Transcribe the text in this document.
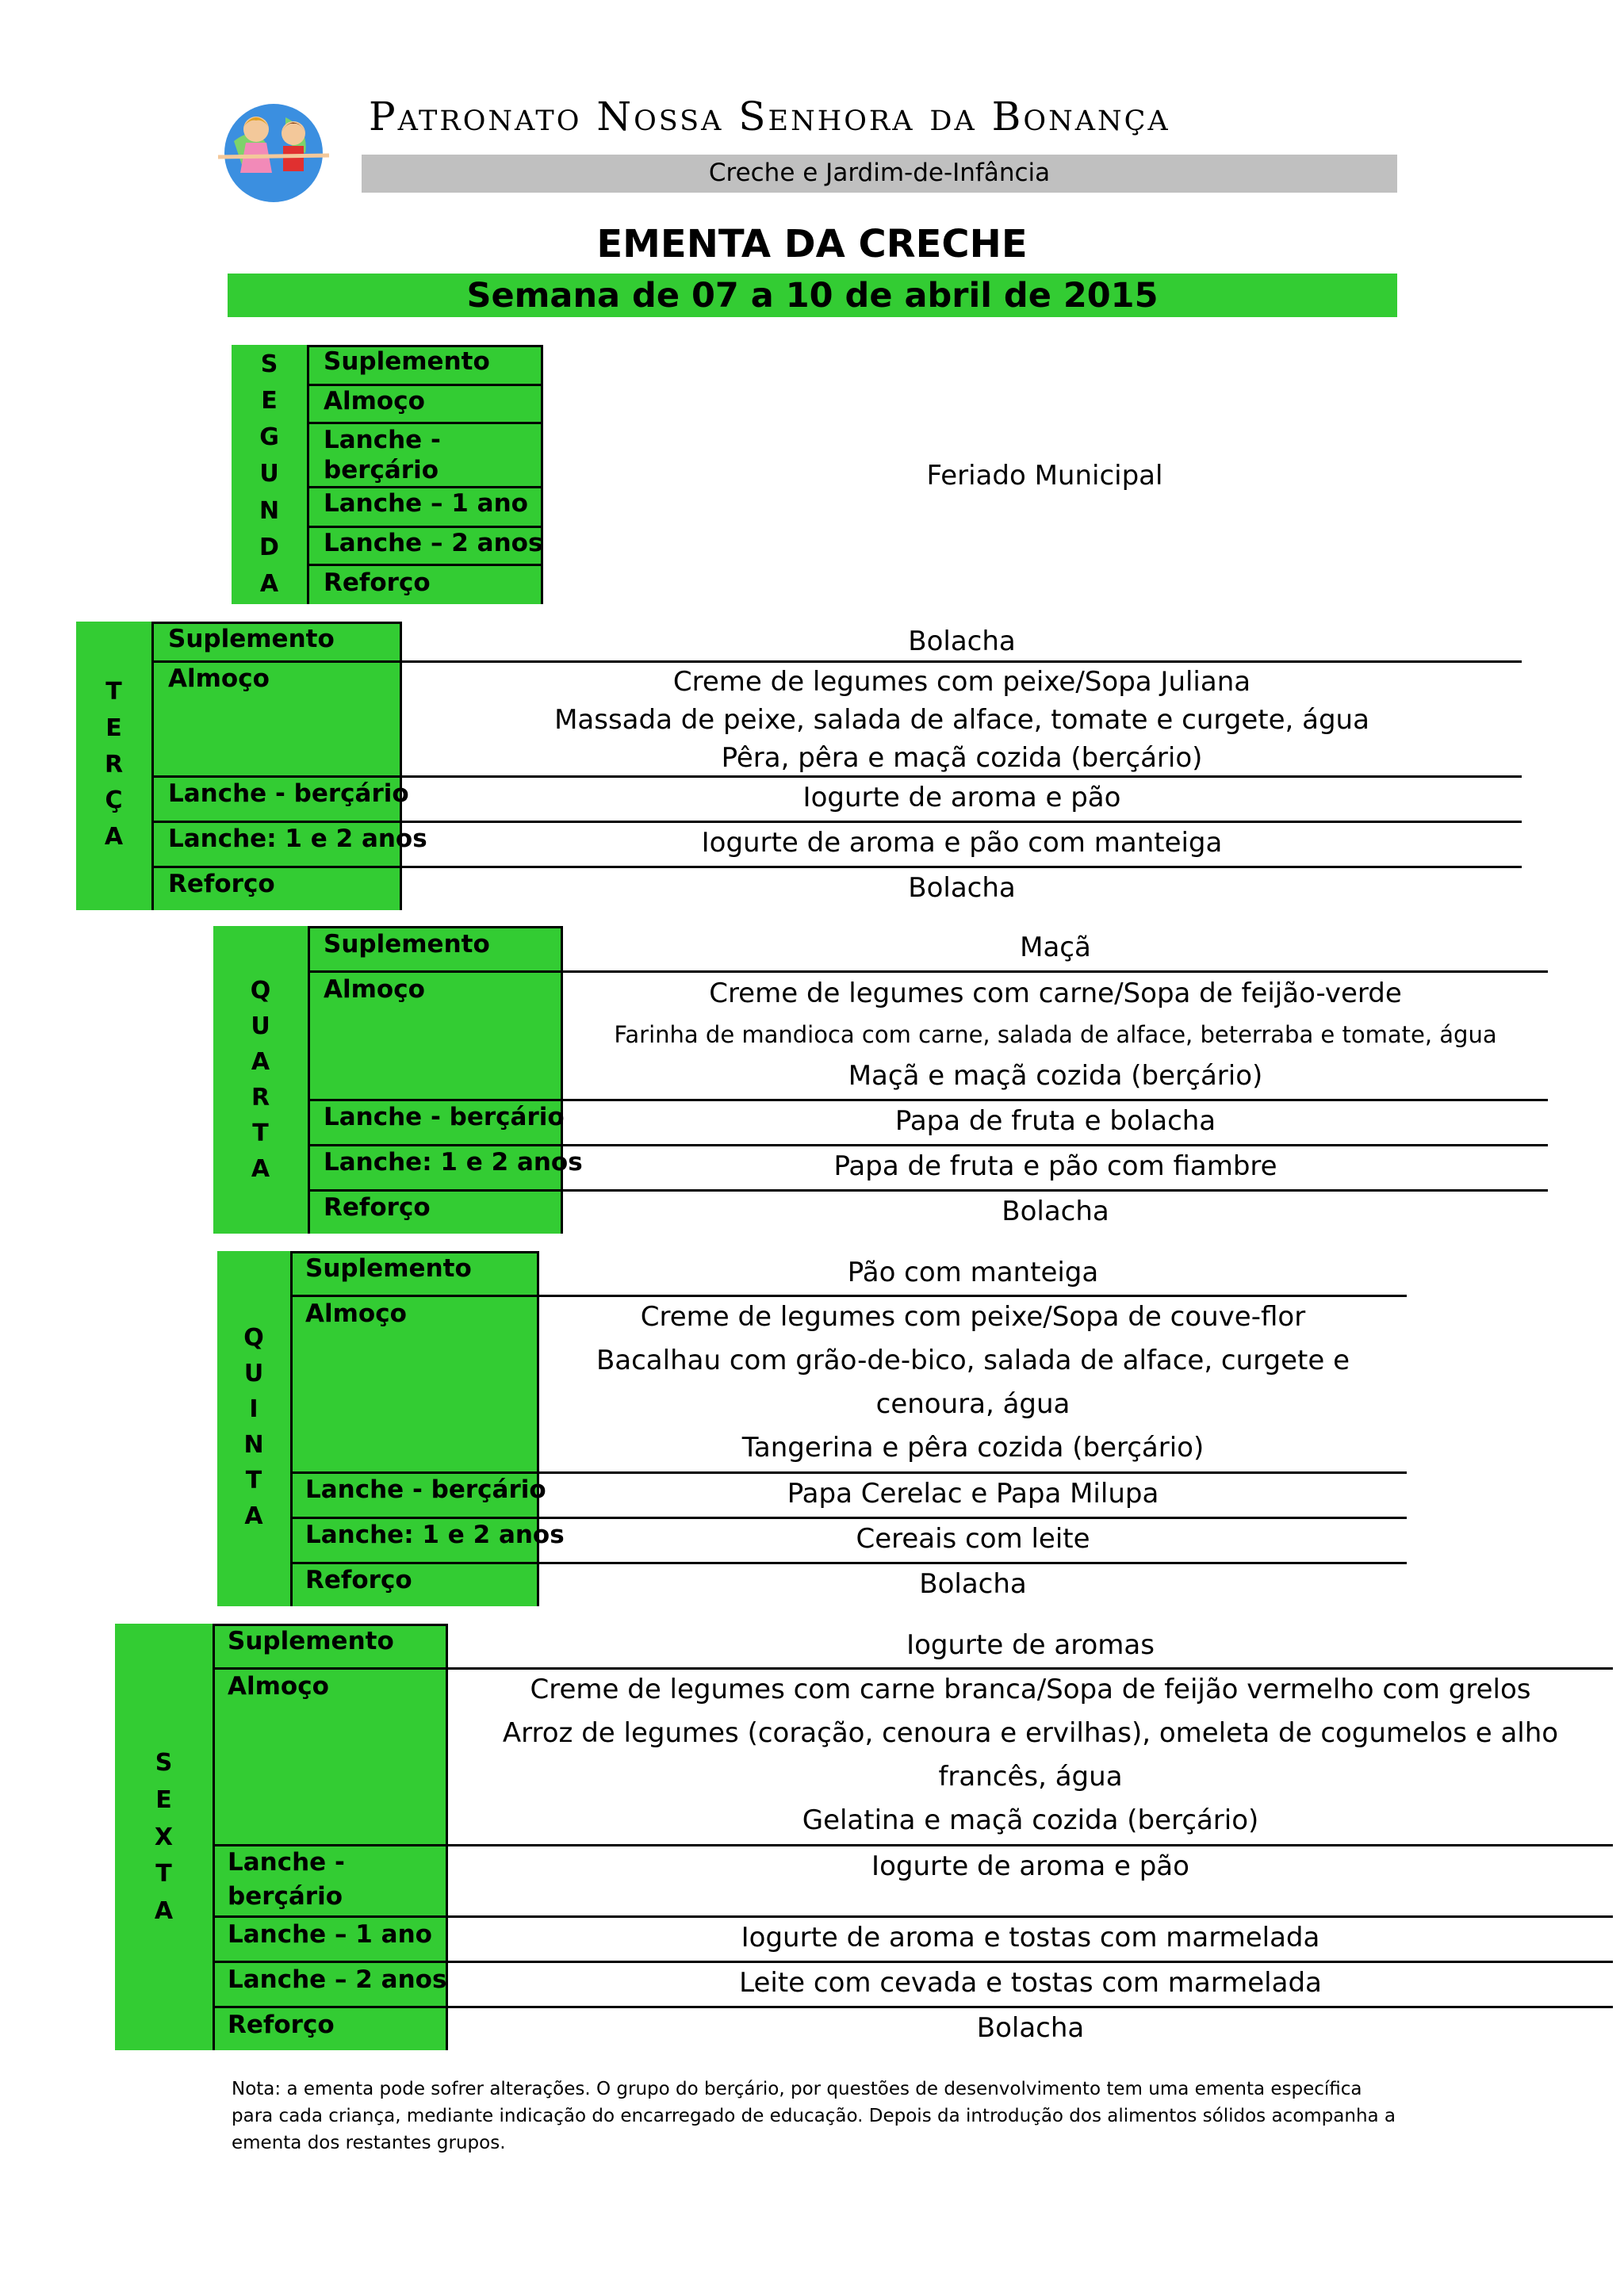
Patronato Nossa Senhora da Bonança
Creche e Jardim-de-Infância
EMENTA DA CRECHE
Semana de 07 a 10 de abril de 2015
S
E
G
U
N
D
A
Suplemento
Almoço
Lanche -
berçário
Lanche – 1 ano
Lanche – 2 anos
Reforço
Feriado Municipal
T
E
R
Ç
A
Suplemento
Almoço
Lanche - berçário
Lanche: 1 e 2 anos
Reforço
Bolacha
Creme de legumes com peixe/Sopa Juliana
Massada de peixe, salada de alface, tomate e curgete, água
Pêra, pêra e maçã cozida (berçário)
Iogurte de aroma e pão
Iogurte de aroma e pão com manteiga
Bolacha
Q
U
A
R
T
A
Suplemento
Almoço
Lanche - berçário
Lanche: 1 e 2 anos
Reforço
Maçã
Creme de legumes com carne/Sopa de feijão-verde
Farinha de mandioca com carne, salada de alface, beterraba e tomate, água
Maçã e maçã cozida (berçário)
Papa de fruta e bolacha
Papa de fruta e pão com fiambre
Bolacha
Q
U
I
N
T
A
Suplemento
Almoço
Lanche - berçário
Lanche: 1 e 2 anos
Reforço
Pão com manteiga
Creme de legumes com peixe/Sopa de couve-flor
Bacalhau com grão-de-bico, salada de alface, curgete e
cenoura, água
Tangerina e pêra cozida (berçário)
Papa Cerelac e Papa Milupa
Cereais com leite
Bolacha
S
E
X
T
A
Suplemento
Almoço
Lanche -
berçário
Lanche – 1 ano
Lanche – 2 anos
Reforço
Iogurte de aromas
Creme de legumes com carne branca/Sopa de feijão vermelho com grelos
Arroz de legumes (coração, cenoura e ervilhas), omeleta de cogumelos e alho
francês, água
Gelatina e maçã cozida (berçário)
Iogurte de aroma e pão
Iogurte de aroma e tostas com marmelada
Leite com cevada e tostas com marmelada
Bolacha
Nota: a ementa pode sofrer alterações. O grupo do berçário, por questões de desenvolvimento tem uma ementa específica para cada criança, mediante indicação do encarregado de educação. Depois da introdução dos alimentos sólidos acompanha a ementa dos restantes grupos.
